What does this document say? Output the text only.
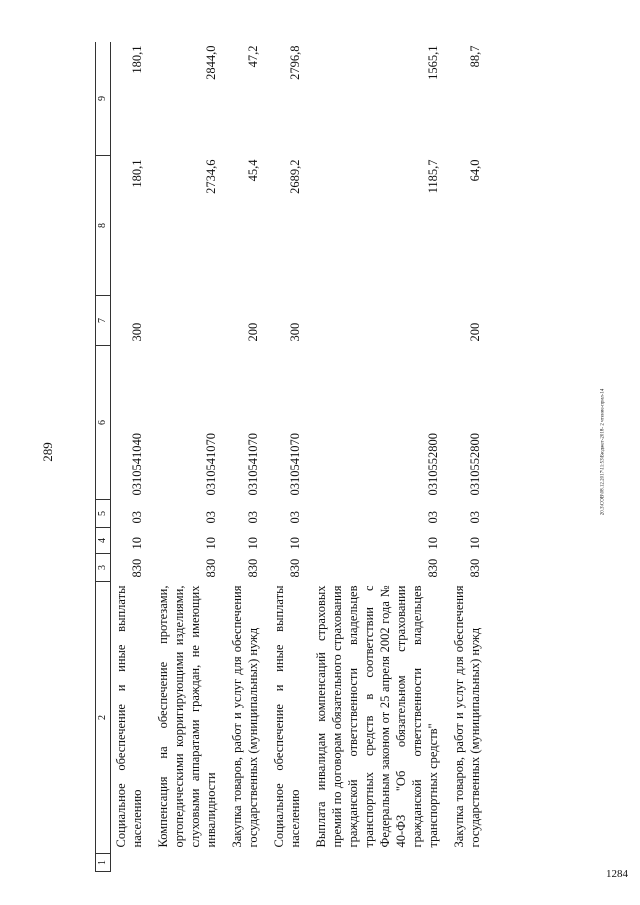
289	20.3\СОВ\08.12.2017\11:53\Бюджет-2018- 2 чтение-прил-14
1284
1	2	3	4	5	6	7	8	9
	Социальное обеспечение и иные выплаты населению	830	10	03	0310541040	300	180,1	180,1
	Компенсация на обеспечение протезами, ортопедическими корригирующими изделиями, слуховыми аппаратами граждан, не имеющих инвалидности	830	10	03	0310541070		2734,6	2844,0
	Закупка товаров, работ и услуг для обеспечения государственных (муниципальных) нужд	830	10	03	0310541070	200	45,4	47,2
	Социальное обеспечение и иные выплаты населению	830	10	03	0310541070	300	2689,2	2796,8
	Выплата инвалидам компенсаций страховых премий по договорам обязательного страхования гражданской ответственности владельцев транспортных средств в соответствии с Федеральным законом от 25 апреля 2002 года № 40-ФЗ "Об обязательном страховании гражданской ответственности владельцев транспортных средств"	830	10	03	0310552800		1185,7	1565,1
	Закупка товаров, работ и услуг для обеспечения государственных (муниципальных) нужд	830	10	03	0310552800	200	64,0	88,7
